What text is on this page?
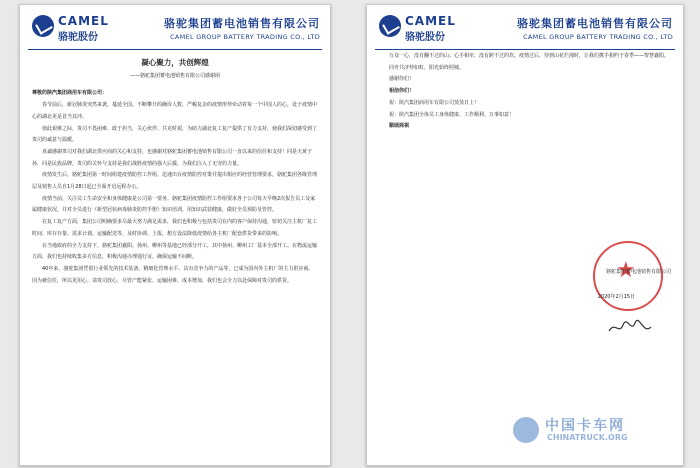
CAMEL
骆驼股份
骆驼集团蓄电池销售有限公司
CAMEL GROUP BATTERY TRADING CO., LTD

凝心聚力，共创辉煌

——骆驼集团蓄电池销售有限公司感谢函

尊敬的陕汽集团商用车有限公司：

春节前后，新冠肺炎突然来袭，蔓延全国。不断攀升的确诊人数，严峻复杂的疫情形势牵动着每一个中国人的心，处于疫情中心的湖北更是首当其冲。

值此艰难之际，贵司不畏困难、敢于担当，关心伙伴、共克时艰，为助力湖北复工复产提供了有力支持，使我们深切感受到了贵司的诚意与温暖。

真诚感谢贵司对我们湖北供应商的关心和支持，也感谢对骆驼集团蓄电池销售有限公司一直以来的信任和支持！同是天黄子孙，同是民族品牌，贵司的关怀与支持是我们战胜疫情的强大后援，为我们注入了无穷的力量。

疫情发生后，骆驼集团第一时间组建疫情防控工作组，迅速出台疫情防控对策并提出相应的经营管理要求，骆驼集团各级管理层及销售人员自1月28日起已全面开启远程办公。

疫情当前，关注员工生命安全和身体健康是公司第一要务。骆驼集团疫情防控工作组要求各子公司每天早晚2次报告员工及家属健康状况，并对全员进行《新型冠状病毒肺炎防控手册》知识培训，用知识武装健康，做好全员预防及管控。

在复工复产方面，集团公司明确要求尽最大努力满足需求，我们也积极与包括贵司在内的客户保持沟通，密切关注主机厂复工时间、库存存量、需求计划、运输配送等，及时协调、上报，想方设法降低疫情给各主机厂配套供货带来的影响。

在当地政府的全力支持下，骆驼集团襄阳、扬州、柳州等基地已经部分开工，其中扬州、柳州工厂基本全部开工。在物流运输方面，我们也持续收集多方信息，积极沟通办理通行证，确保运输不间断。

40年来，骆驼集团凭借行业领先的技术装备、精细化管理水平、具有竞争力的产品等，已成为国内外主机厂的主力供应商。因为被信任，所以更用心。请贵司放心，尽管产能紧张、运输困难、成本增加，我们也会全力以赴保障对贵司的供货。

CAMEL
骆驼股份
骆驼集团蓄电池销售有限公司
CAMEL GROUP BATTERY TRADING CO., LTD

万众一心，没有翻不过的山；心手相牵，没有跨不过的坎。疫情过后，待到山花烂漫时，让我们携手相约于春季——智慧襄阳。

同舟共济势如虹，阳光始终照城。

感谢你们！

相信你们！

祝：陕汽集团商用车有限公司蒸蒸日上！

祝：陕汽集团全体员工身体健康、工作顺利、万事如意！

顺颂商祺

★
骆驼集团蓄电池销售有限公司
2020年2月15日
中国卡车网
CHINATRUCK.ORG
